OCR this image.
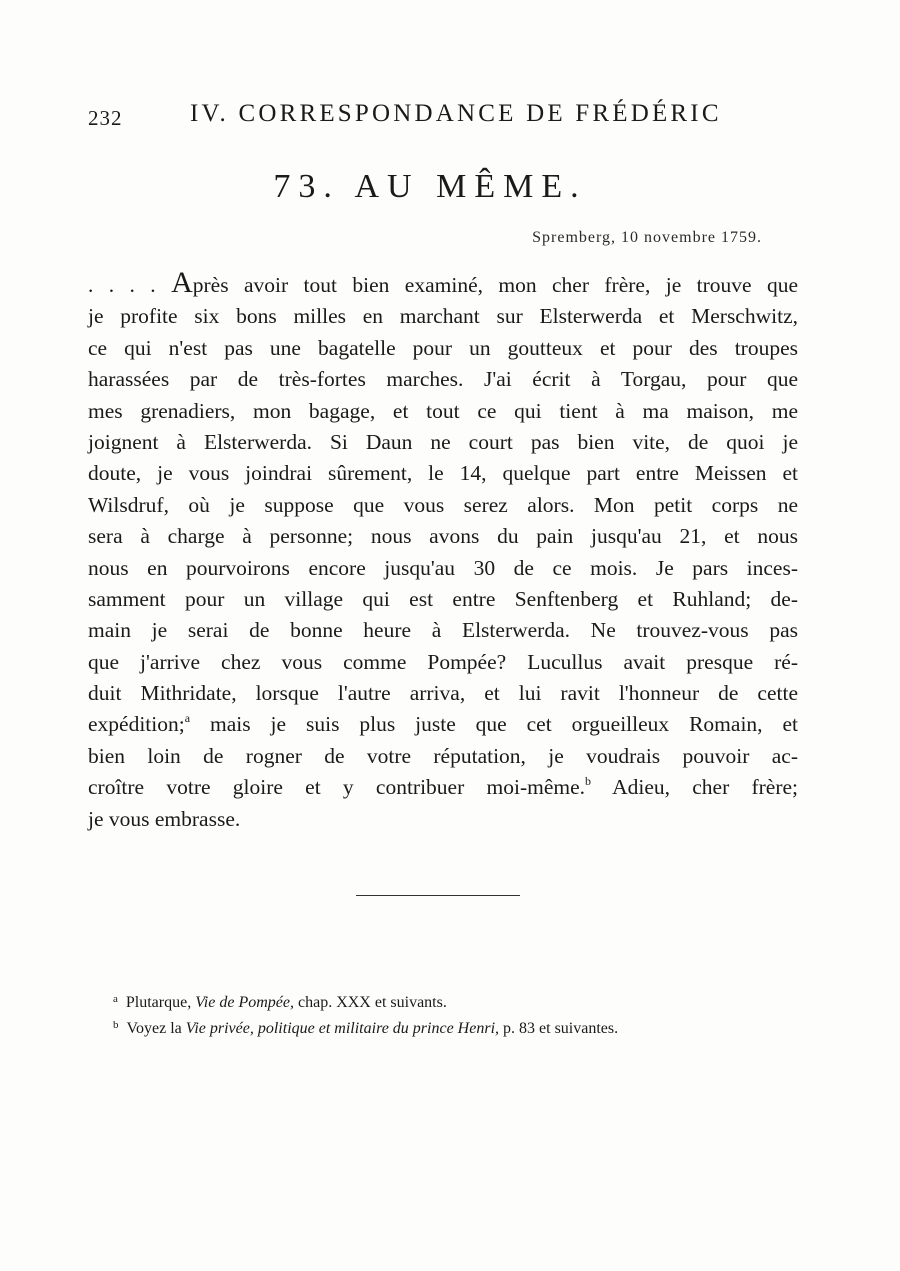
232	IV. CORRESPONDANCE DE FRÉDÉRIC
73. AU MÊME.
Spremberg, 10 novembre 1759.
. . . . Après avoir tout bien examiné, mon cher frère, je trouve que
je profite six bons milles en marchant sur Elsterwerda et Merschwitz,
ce qui n'est pas une bagatelle pour un goutteux et pour des troupes
harassées par de très-fortes marches. J'ai écrit à Torgau, pour que
mes grenadiers, mon bagage, et tout ce qui tient à ma maison, me
joignent à Elsterwerda. Si Daun ne court pas bien vite, de quoi je
doute, je vous joindrai sûrement, le 14, quelque part entre Meissen et
Wilsdruf, où je suppose que vous serez alors. Mon petit corps ne
sera à charge à personne; nous avons du pain jusqu'au 21, et nous
nous en pourvoirons encore jusqu'au 30 de ce mois. Je pars inces-
samment pour un village qui est entre Senftenberg et Ruhland; de-
main je serai de bonne heure à Elsterwerda. Ne trouvez-vous pas
que j'arrive chez vous comme Pompée? Lucullus avait presque ré-
duit Mithridate, lorsque l'autre arriva, et lui ravit l'honneur de cette
expédition;$^a$ mais je suis plus juste que cet orgueilleux Romain, et
bien loin de rogner de votre réputation, je voudrais pouvoir ac-
croître votre gloire et y contribuer moi-même.$^b$ Adieu, cher frère;
je vous embrasse.
$^a$ Plutarque, Vie de Pompée, chap. XXX et suivants.
$^b$ Voyez la Vie privée, politique et militaire du prince Henri, p. 83 et suivantes.
